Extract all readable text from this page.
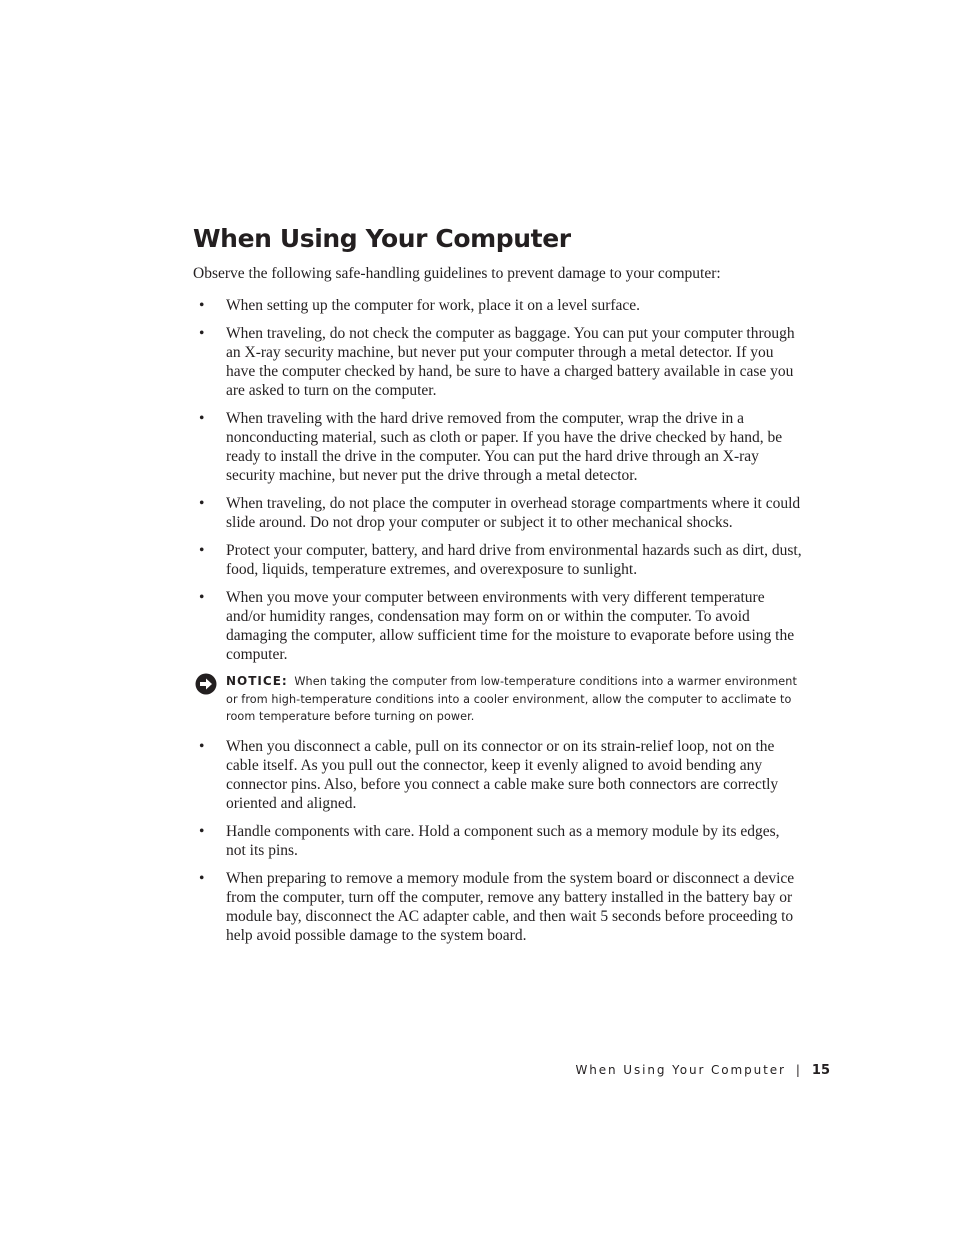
When Using Your Computer

Observe the following safe-handling guidelines to prevent damage to your computer:

• When setting up the computer for work, place it on a level surface.
• When traveling, do not check the computer as baggage. You can put your computer through an X-ray security machine, but never put your computer through a metal detector. If you have the computer checked by hand, be sure to have a charged battery available in case you are asked to turn on the computer.
• When traveling with the hard drive removed from the computer, wrap the drive in a nonconducting material, such as cloth or paper. If you have the drive checked by hand, be ready to install the drive in the computer. You can put the hard drive through an X-ray security machine, but never put the drive through a metal detector.
• When traveling, do not place the computer in overhead storage compartments where it could slide around. Do not drop your computer or subject it to other mechanical shocks.
• Protect your computer, battery, and hard drive from environmental hazards such as dirt, dust, food, liquids, temperature extremes, and overexposure to sunlight.
• When you move your computer between environments with very different temperature and/or humidity ranges, condensation may form on or within the computer. To avoid damaging the computer, allow sufficient time for the moisture to evaporate before using the computer.
NOTICE: When taking the computer from low-temperature conditions into a warmer environment or from high-temperature conditions into a cooler environment, allow the computer to acclimate to room temperature before turning on power.
• When you disconnect a cable, pull on its connector or on its strain-relief loop, not on the cable itself. As you pull out the connector, keep it evenly aligned to avoid bending any connector pins. Also, before you connect a cable make sure both connectors are correctly oriented and aligned.
• Handle components with care. Hold a component such as a memory module by its edges, not its pins.
• When preparing to remove a memory module from the system board or disconnect a device from the computer, turn off the computer, remove any battery installed in the battery bay or module bay, disconnect the AC adapter cable, and then wait 5 seconds before proceeding to help avoid possible damage to the system board.
When Using Your Computer | 15
